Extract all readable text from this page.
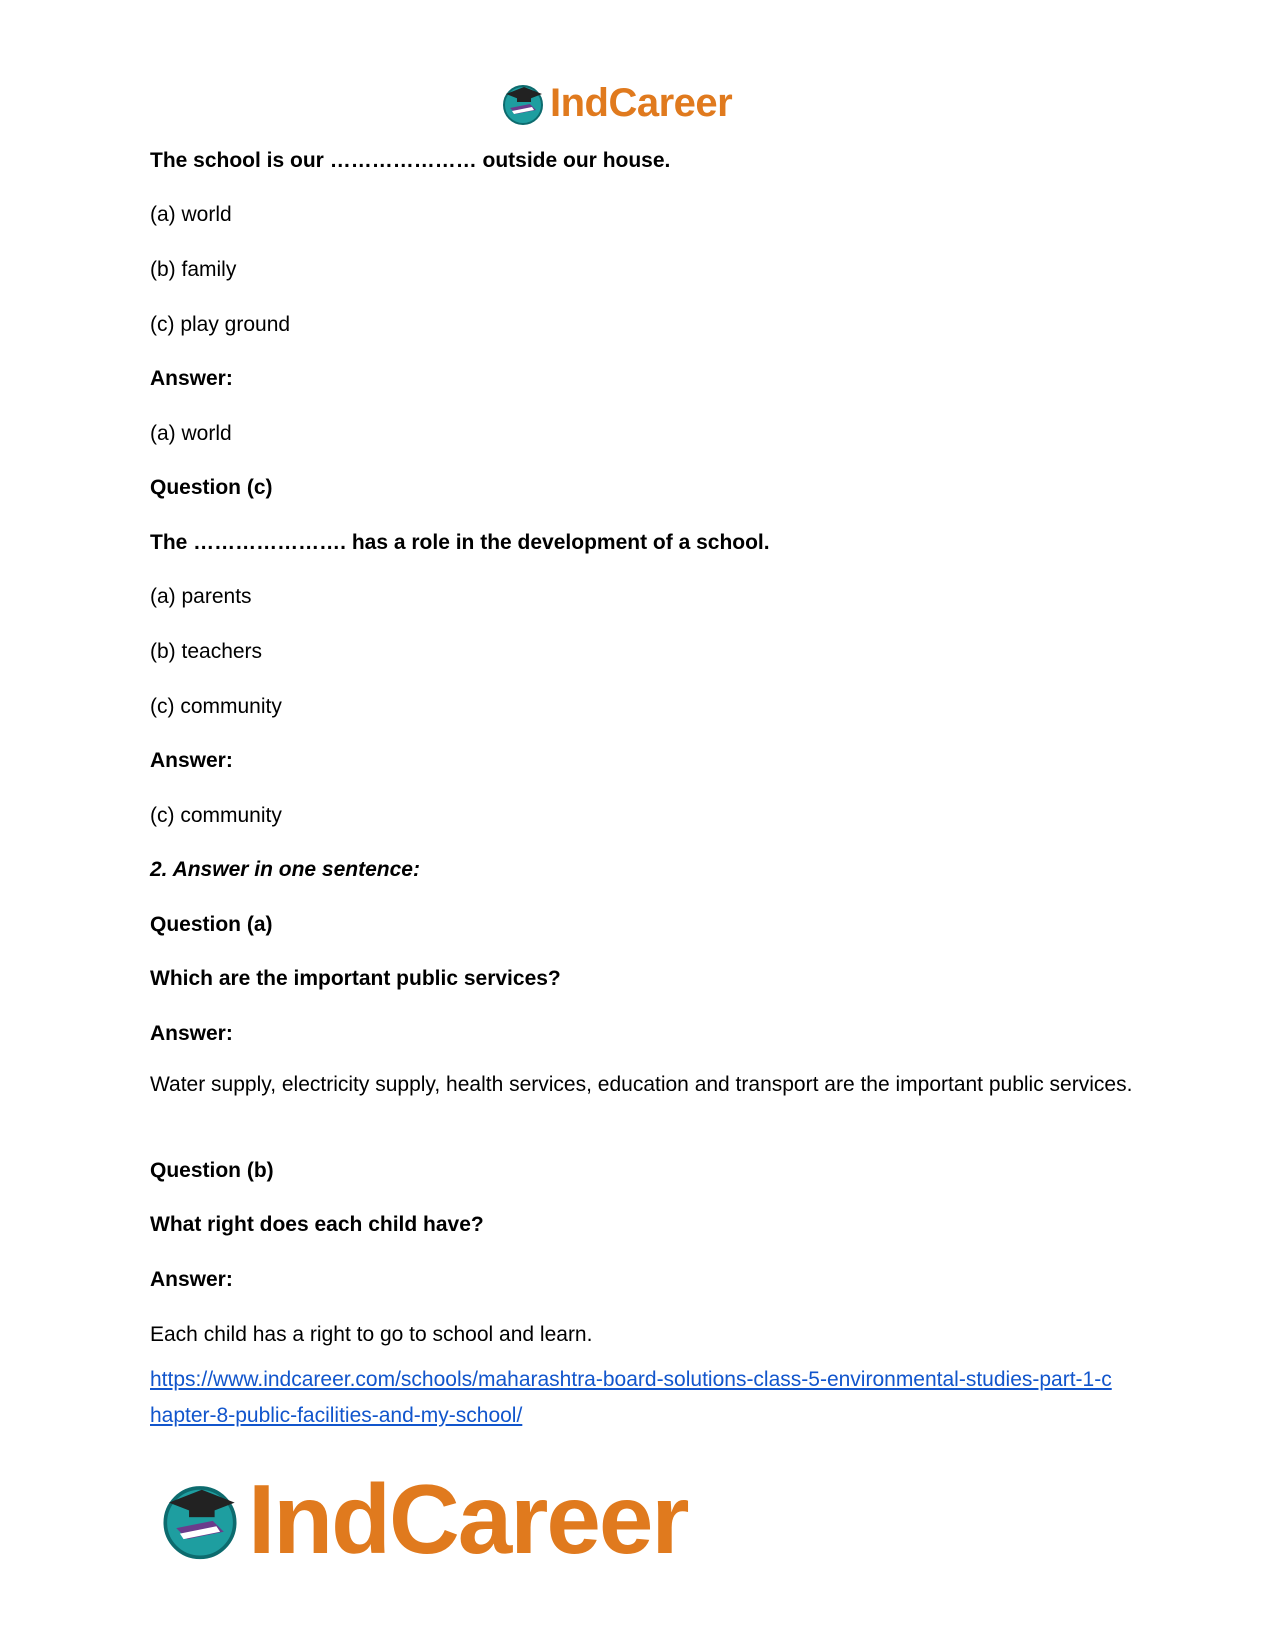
IndCareer
The school is our ………………… outside our house.
(a) world
(b) family
(c) play ground
Answer:
(a) world
Question (c)
The …………………. has a role in the development of a school.
(a) parents
(b) teachers
(c) community
Answer:
(c) community
2. Answer in one sentence:
Question (a)
Which are the important public services?
Answer:
Water supply, electricity supply, health services, education and transport are the important public services.
Question (b)
What right does each child have?
Answer:
Each child has a right to go to school and learn.
https://www.indcareer.com/schools/maharashtra-board-solutions-class-5-environmental-studies-part-1-chapter-8-public-facilities-and-my-school/
IndCareer
